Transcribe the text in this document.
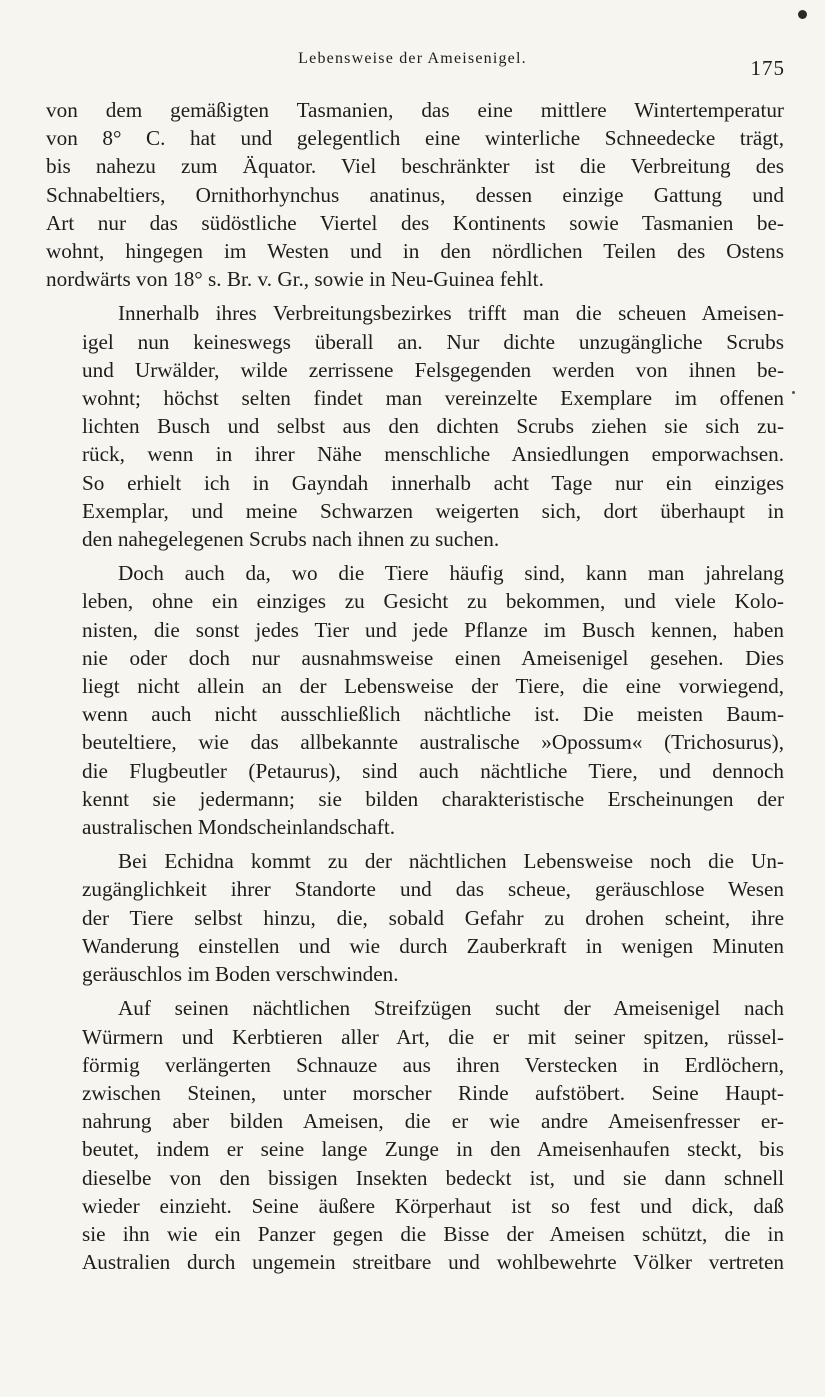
Lebensweise der Ameisenigel.	175

von dem gemäßigten Tasmanien, das eine mittlere Wintertemperatur
von 8° C. hat und gelegentlich eine winterliche Schneedecke trägt,
bis nahezu zum Äquator. Viel beschränkter ist die Verbreitung des
Schnabeltiers, Ornithorhynchus anatinus, dessen einzige Gattung und
Art nur das südöstliche Viertel des Kontinents sowie Tasmanien be-
wohnt, hingegen im Westen und in den nördlichen Teilen des Ostens
nordwärts von 18° s. Br. v. Gr., sowie in Neu-Guinea fehlt.

Innerhalb ihres Verbreitungsbezirkes trifft man die scheuen Ameisen-
igel nun keineswegs überall an. Nur dichte unzugängliche Scrubs
und Urwälder, wilde zerrissene Felsgegenden werden von ihnen be-
wohnt; höchst selten findet man vereinzelte Exemplare im offenen
lichten Busch und selbst aus den dichten Scrubs ziehen sie sich zu-
rück, wenn in ihrer Nähe menschliche Ansiedlungen emporwachsen.
So erhielt ich in Gayndah innerhalb acht Tage nur ein einziges
Exemplar, und meine Schwarzen weigerten sich, dort überhaupt in
den nahegelegenen Scrubs nach ihnen zu suchen.

Doch auch da, wo die Tiere häufig sind, kann man jahrelang
leben, ohne ein einziges zu Gesicht zu bekommen, und viele Kolo-
nisten, die sonst jedes Tier und jede Pflanze im Busch kennen, haben
nie oder doch nur ausnahmsweise einen Ameisenigel gesehen. Dies
liegt nicht allein an der Lebensweise der Tiere, die eine vorwiegend,
wenn auch nicht ausschließlich nächtliche ist. Die meisten Baum-
beuteltiere, wie das allbekannte australische »Opossum« (Trichosurus),
die Flugbeutler (Petaurus), sind auch nächtliche Tiere, und dennoch
kennt sie jedermann; sie bilden charakteristische Erscheinungen der
australischen Mondscheinlandschaft.

Bei Echidna kommt zu der nächtlichen Lebensweise noch die Un-
zugänglichkeit ihrer Standorte und das scheue, geräuschlose Wesen
der Tiere selbst hinzu, die, sobald Gefahr zu drohen scheint, ihre
Wanderung einstellen und wie durch Zauberkraft in wenigen Minuten
geräuschlos im Boden verschwinden.

Auf seinen nächtlichen Streifzügen sucht der Ameisenigel nach
Würmern und Kerbtieren aller Art, die er mit seiner spitzen, rüssel-
förmig verlängerten Schnauze aus ihren Verstecken in Erdlöchern,
zwischen Steinen, unter morscher Rinde aufstöbert. Seine Haupt-
nahrung aber bilden Ameisen, die er wie andre Ameisenfresser er-
beutet, indem er seine lange Zunge in den Ameisenhaufen steckt, bis
dieselbe von den bissigen Insekten bedeckt ist, und sie dann schnell
wieder einzieht. Seine äußere Körperhaut ist so fest und dick, daß
sie ihn wie ein Panzer gegen die Bisse der Ameisen schützt, die in
Australien durch ungemein streitbare und wohlbewehrte Völker vertreten
